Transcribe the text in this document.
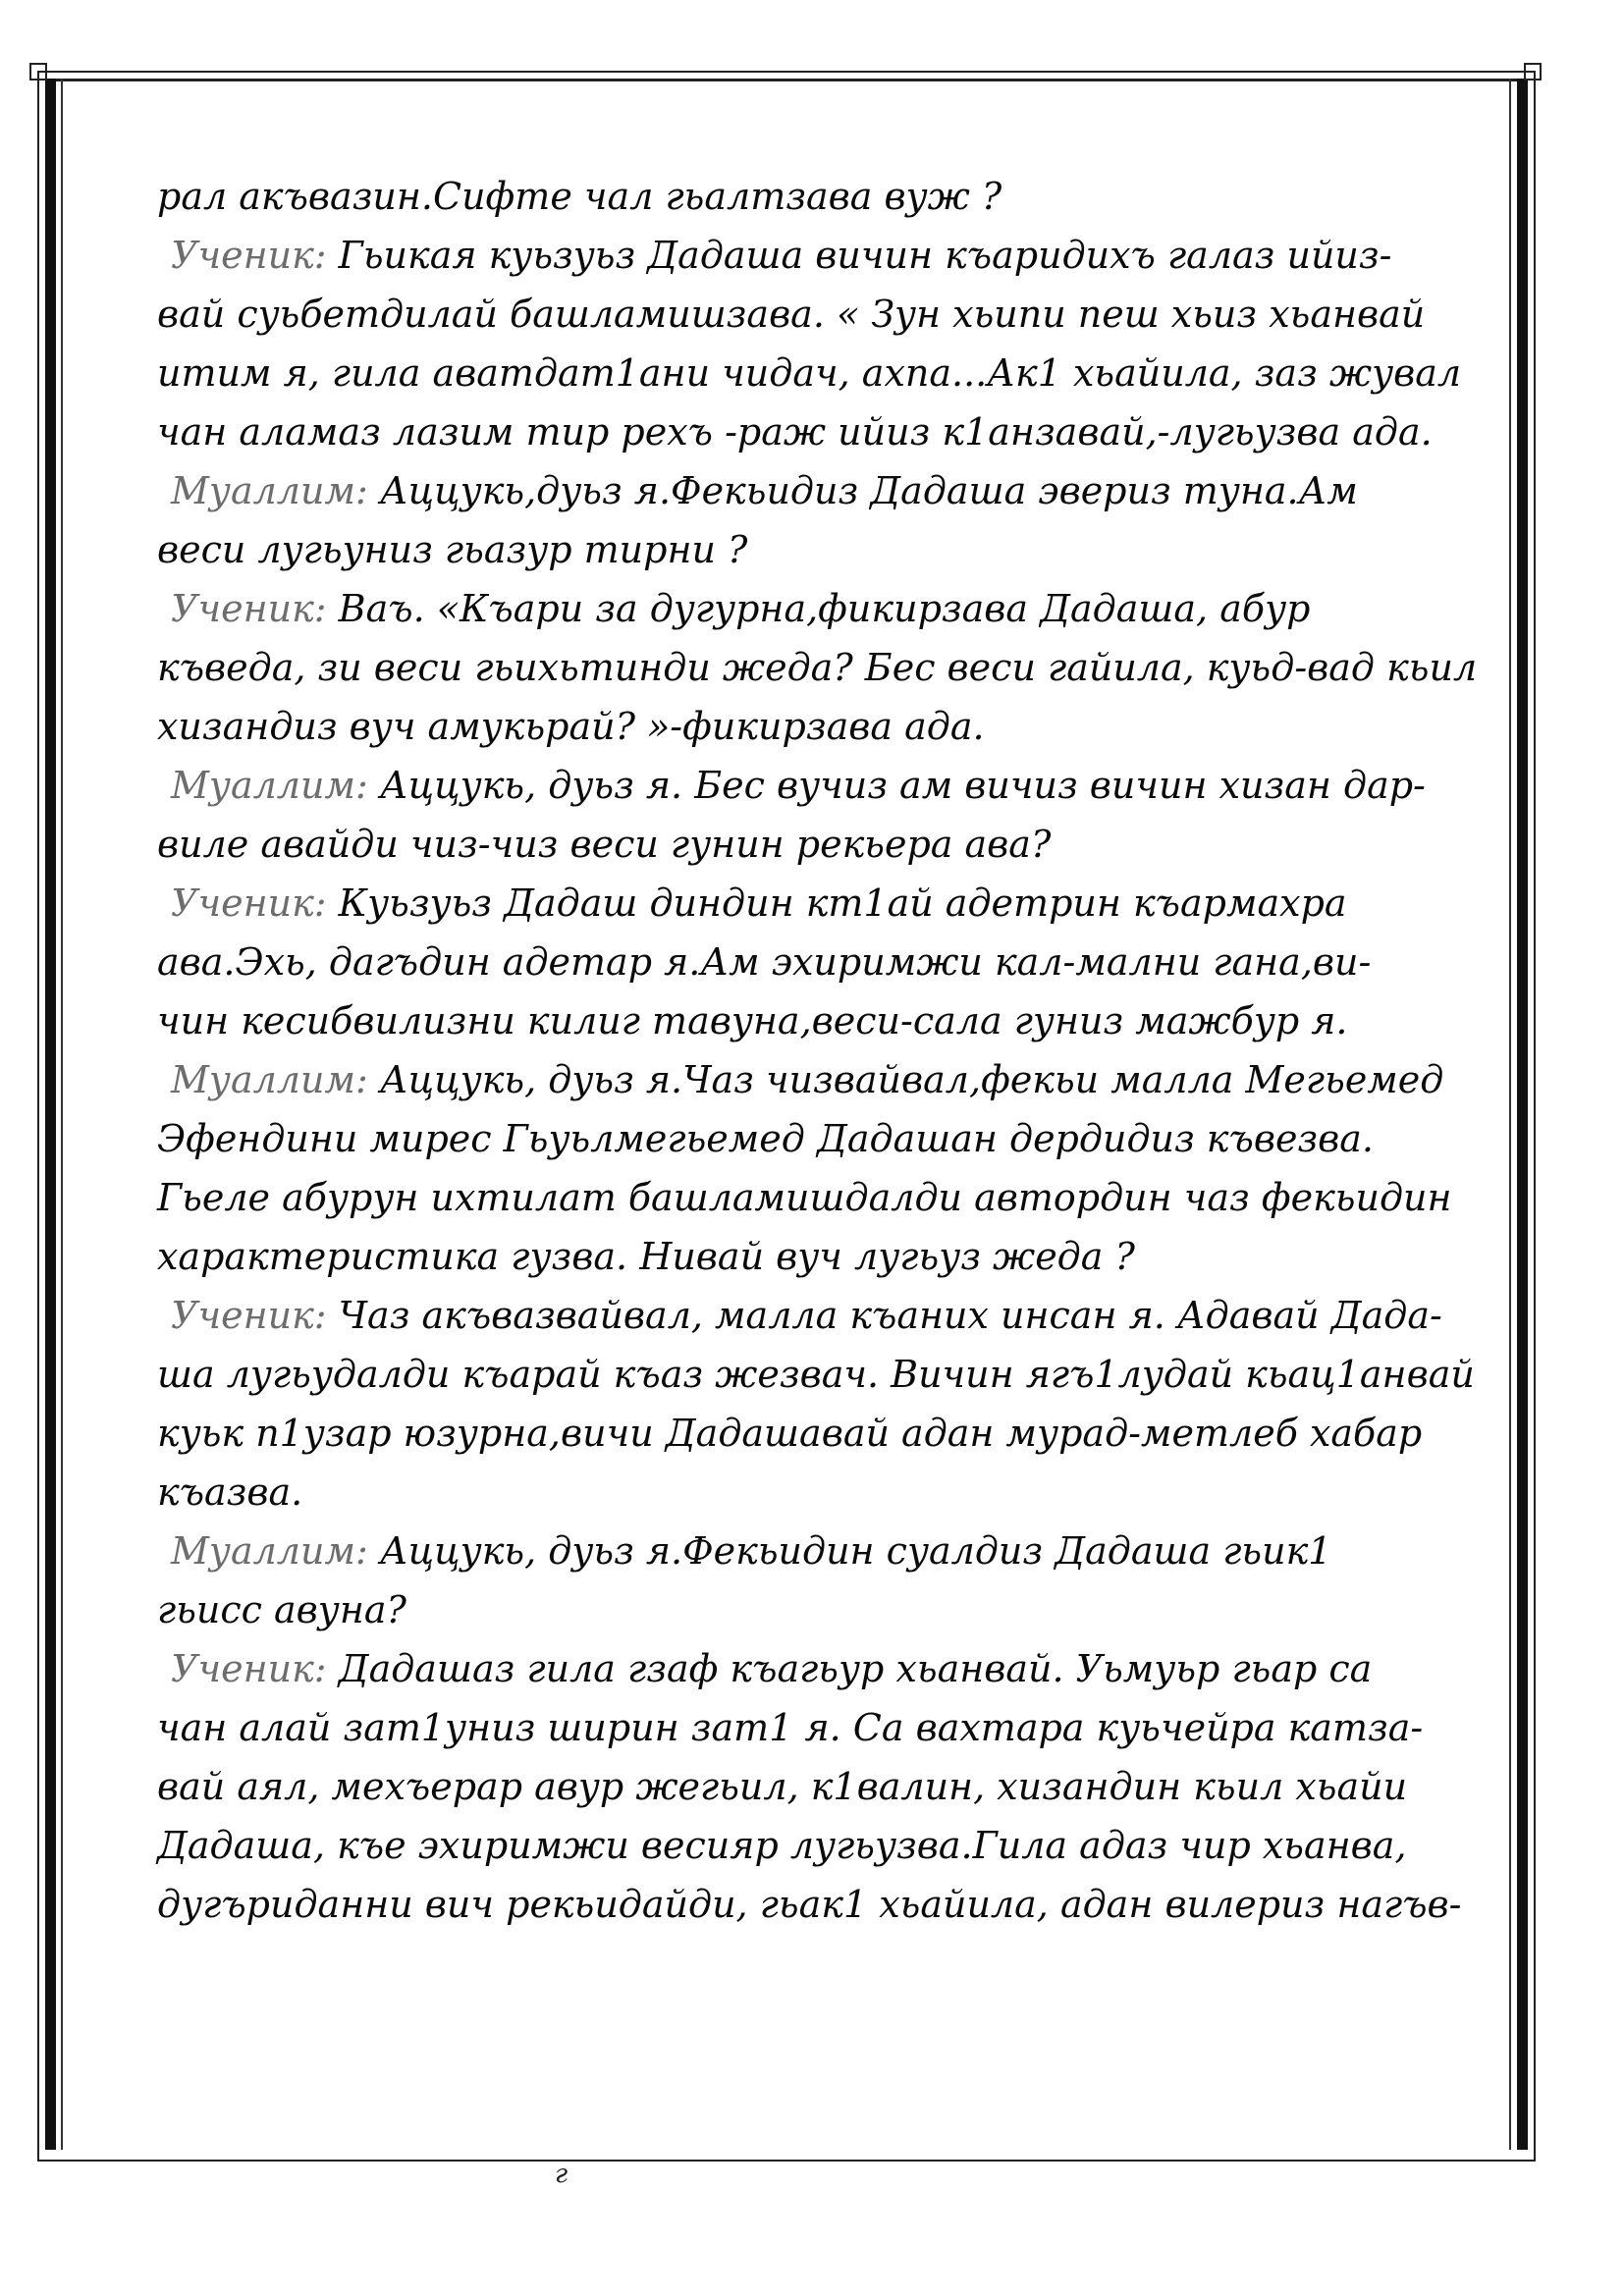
рал акъвазин.Сифте чал гьалтзава вуж ?
Ученик: Гьикая куьзуьз Дадаша вичин къаридихъ галаз ийиз-
вай суьбетдилай башламишзава. « Зун хьипи пеш хьиз хьанвай
итим я, гила аватдат1ани чидач, ахпа...Ак1 хьайила, заз жувал
чан аламаз лазим тир рехъ -раж ийиз к1анзавай,-лугьузва ада.
Муаллим: Аццукь,дуьз я.Фекьидиз Дадаша эвериз туна.Ам
веси лугьуниз гьазур тирни ?
Ученик: Ваъ. «Къари за дугурна,фикирзава Дадаша, абур
къведа, зи веси гьихьтинди жеда? Бес веси гайила, куьд-вад кьил
хизандиз вуч амукьрай? »-фикирзава ада.
Муаллим: Аццукь, дуьз я. Бес вучиз ам вичиз вичин хизан дар-
виле авайди чиз-чиз веси гунин рекьера ава?
Ученик: Куьзуьз Дадаш диндин кт1ай адетрин къармахра
ава.Эхь, дагъдин адетар я.Ам эхиримжи кал-мални гана,ви-
чин кесибвилизни килиг тавуна,веси-сала гуниз мажбур я.
Муаллим: Аццукь, дуьз я.Чаз чизвайвал,фекьи малла Мегьемед
Эфендини мирес Гьуьлмегьемед Дадашан дердидиз къвезва.
Гьеле абурун ихтилат башламишдалди автордин чаз фекьидин
характеристика гузва. Нивай вуч лугьуз жеда ?
Ученик: Чаз акъвазвайвал, малла къаних инсан я. Адавай Дада-
ша лугьудалди къарай къаз жезвач. Вичин ягъ1лудай кьац1анвай
куьк п1узар юзурна,вичи Дадашавай адан мурад-метлеб хабар
къазва.
Муаллим: Аццукь, дуьз я.Фекьидин суалдиз Дадаша гьик1
гьисс авуна?
Ученик: Дадашаз гила гзаф къагьур хьанвай. Уьмуьр гьар са
чан алай зат1униз ширин зат1 я. Са вахтара куьчейра катза-
вай аял, мехъерар авур жегьил, к1валин, хизандин кьил хьайи
Дадаша, къе эхиримжи весияр лугьузва.Гила адаз чир хьанва,
дугъриданни вич рекьидайди, гьак1 хьайила, адан вилериз нагъв-
г
